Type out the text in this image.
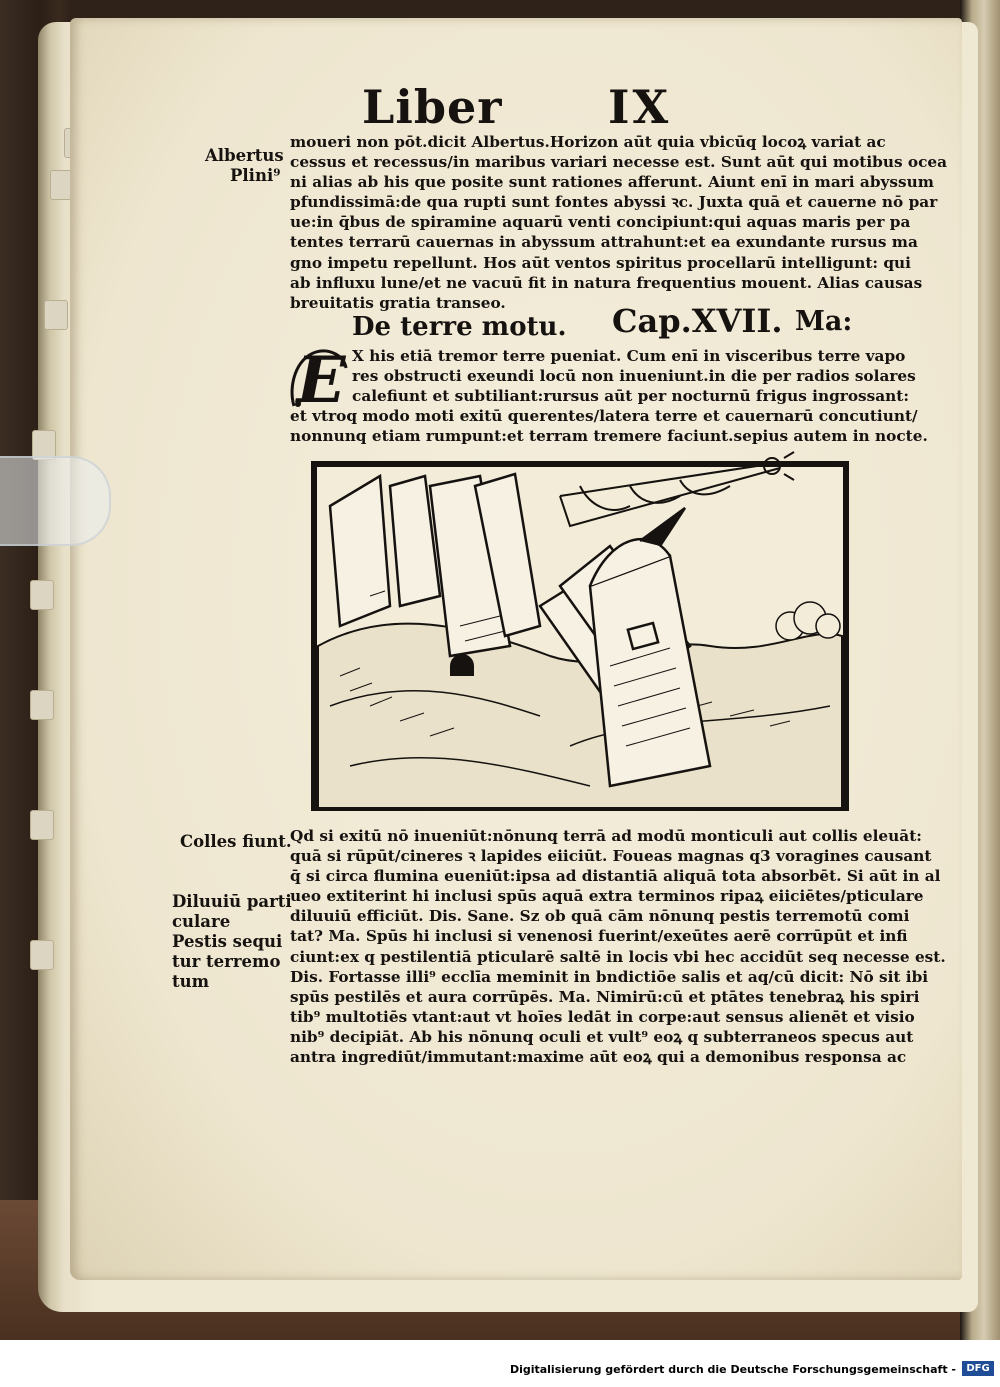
Liber IX
Albertus
Plini⁹
moueri non pōt.dicit Albertus.Horizon aūt quia vbicūq locoꝝ variat ac
cessus et recessus/in maribus variari necesse est. Sunt aūt qui motibus ocea
ni alias ab his que posite sunt rationes afferunt. Aiunt enī in mari abyssum
pfundissimā:de qua rupti sunt fontes abyssi ꝛc. Juxta quā et cauerne nō par
ue:in q̄bus de spiramine aquarū venti concipiunt:qui aquas maris per pa
tentes terrarū cauernas in abyssum attrahunt:et ea exundante rursus ma
gno impetu repellunt. Hos aūt ventos spiritus procellarū intelligunt: qui
ab influxu lune/et ne vacuū fit in natura frequentius mouent. Alias causas
breuitatis gratia transeo.
De terre motu. Cap.XVII. Ma:
E X his etiā tremor terre pueniat. Cum enī in visceribus terre vapo
res obstructi exeundi locū non inueniunt.in die per radios solares
calefiunt et subtiliant:rursus aūt per nocturnū frigus ingrossant:
et vtroq modo moti exitū querentes/latera terre et cauernarū concutiunt/
nonnunq etiam rumpunt:et terram tremere faciunt.sepius autem in nocte.
Colles fiunt.
Diluuiū parti
culare
Pestis sequi
tur terremo
tum
Qd si exitū nō inueniūt:nōnunq terrā ad modū monticuli aut collis eleuāt:
quā si rūpūt/cineres ꝛ lapides eiiciūt. Foueas magnas q3 voragines causant
q̄ si circa flumina eueniūt:ipsa ad distantiā aliquā tota absorbēt. Si aūt in al
ueo extiterint hi inclusi spūs aquā extra terminos ripaꝝ eiiciētes/pticulare
diluuiū efficiūt. Dis. Sane. Sz ob quā cām nōnunq pestis terremotū comi
tat? Ma. Spūs hi inclusi si venenosi fuerint/exeūtes aerē corrūpūt et infi
ciunt:ex q pestilentiā pticularē saltē in locis vbi hec accidūt seq necesse est.
Dis. Fortasse illi⁹ ecclīa meminit in bndictiōe salis et aq/cū dicit: Nō sit ibi
spūs pestilēs et aura corrūpēs. Ma. Nimirū:cū et ptātes tenebraꝝ his spiri
tib⁹ multotiēs vtant:aut vt hoīes ledāt in corpe:aut sensus alienēt et visio
nib⁹ decipiāt. Ab his nōnunq oculi et vult⁹ eoꝝ q subterraneos specus aut
antra ingrediūt/immutant:maxime aūt eoꝝ qui a demonibus responsa ac
Digitalisierung gefördert durch die Deutsche Forschungsgemeinschaft -	DFG
